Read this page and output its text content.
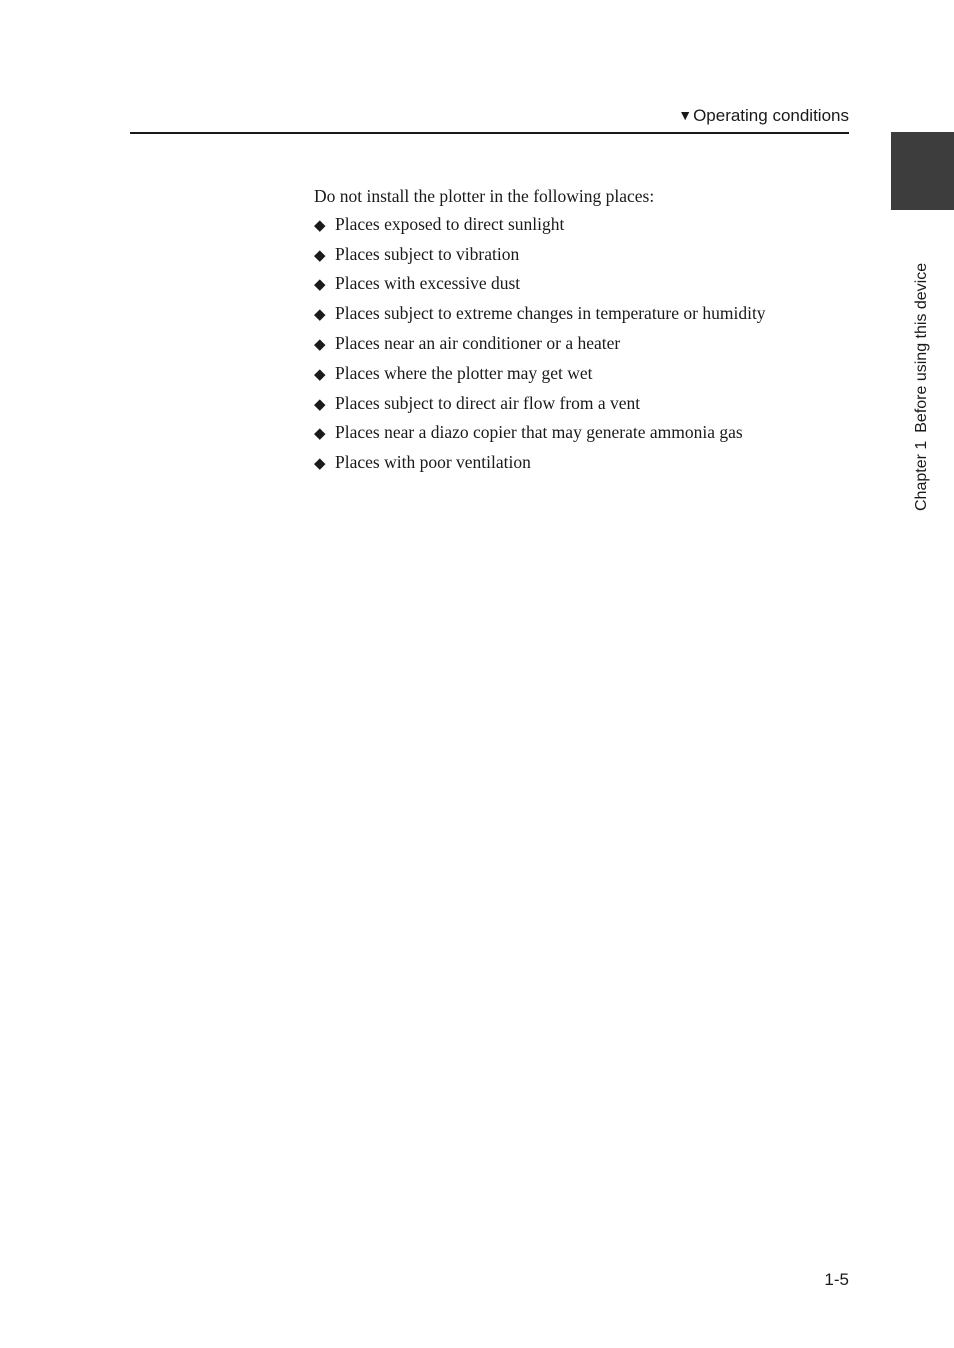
▼Operating conditions
Chapter 1Before using this device

Do not install the plotter in the following places:

◆ Places exposed to direct sunlight
◆ Places subject to vibration
◆ Places with excessive dust
◆ Places subject to extreme changes in temperature or humidity
◆ Places near an air conditioner or a heater
◆ Places where the plotter may get wet
◆ Places subject to direct air flow from a vent
◆ Places near a diazo copier that may generate ammonia gas
◆ Places with poor ventilation
1-5
